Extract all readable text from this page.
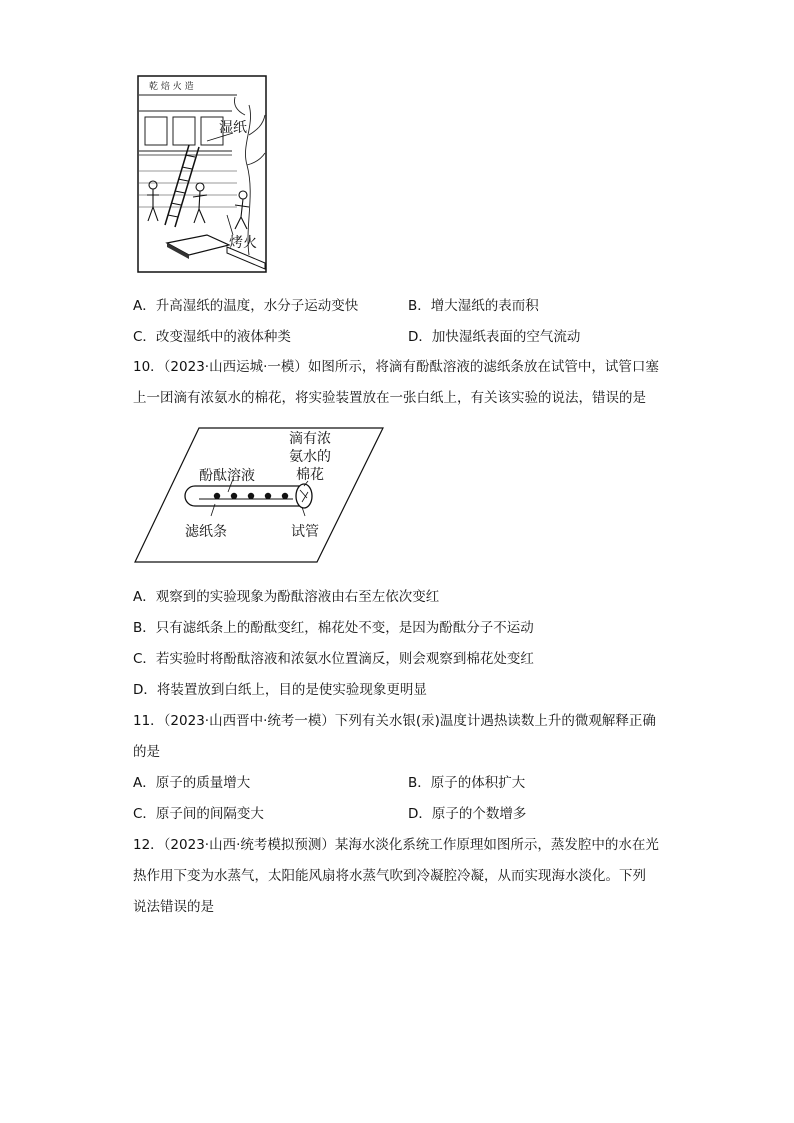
乾 焙 火 造
湿纸
烤火
A．升高湿纸的温度，水分子运动变快	B．增大湿纸的表而积
C．改变湿纸中的液体种类	D．加快湿纸表面的空气流动
10．（2023·山西运城·一模）如图所示，将滴有酚酞溶液的滤纸条放在试管中，试管口塞
上一团滴有浓氨水的棉花，将实验装置放在一张白纸上，有关该实验的说法，错误的是
滴有浓
氨水的
棉花
酚酞溶液
滤纸条	试管
A．观察到的实验现象为酚酞溶液由右至左依次变红
B．只有滤纸条上的酚酞变红，棉花处不变，是因为酚酞分子不运动
C．若实验时将酚酞溶液和浓氨水位置滴反，则会观察到棉花处变红
D．将装置放到白纸上，目的是使实验现象更明显
11．（2023·山西晋中·统考一模）下列有关水银(汞)温度计遇热读数上升的微观解释正确
的是
A．原子的质量增大	B．原子的体积扩大
C．原子间的间隔变大	D．原子的个数增多
12．（2023·山西·统考模拟预测）某海水淡化系统工作原理如图所示，蒸发腔中的水在光
热作用下变为水蒸气，太阳能风扇将水蒸气吹到冷凝腔冷凝，从而实现海水淡化。下列
说法错误的是
